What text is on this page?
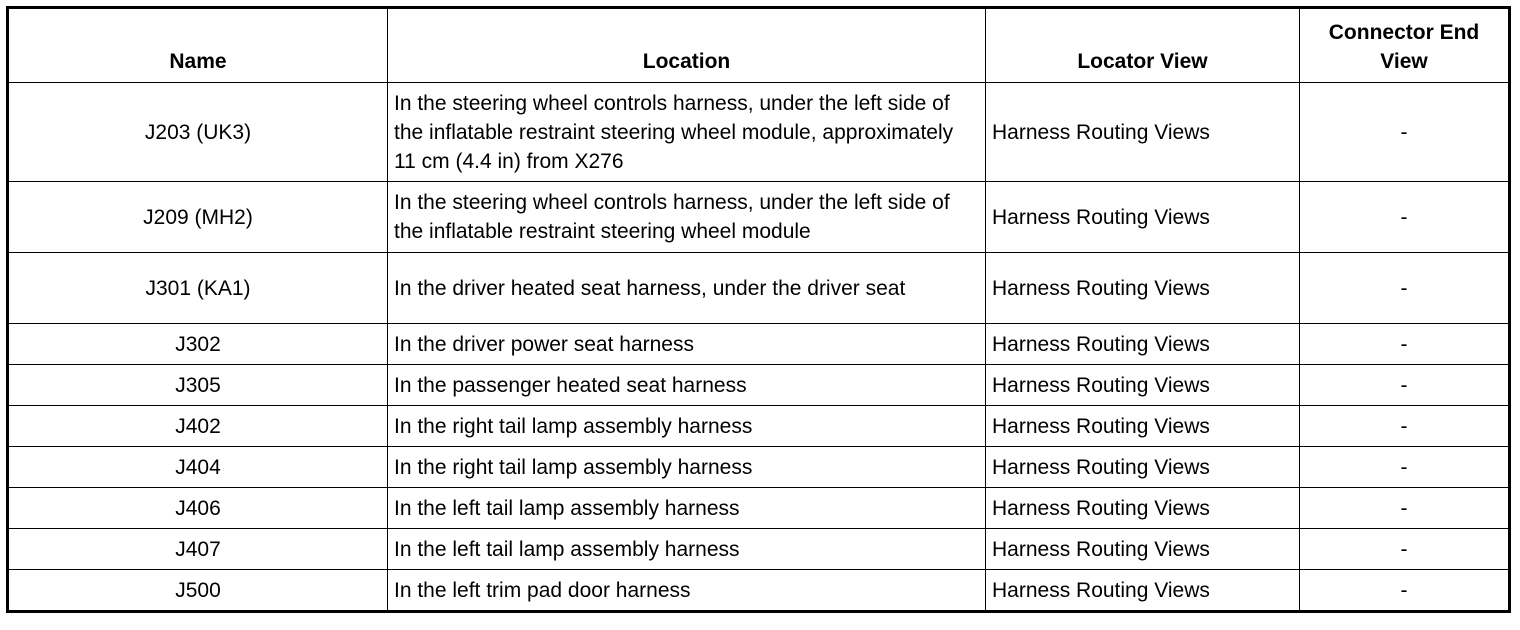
Name	Location	Locator View	Connector End View
J203 (UK3)	In the steering wheel controls harness, under the left side of the inflatable restraint steering wheel module, approximately 11 cm (4.4 in) from X276	Harness Routing Views	-
J209 (MH2)	In the steering wheel controls harness, under the left side of the inflatable restraint steering wheel module	Harness Routing Views	-
J301 (KA1)	In the driver heated seat harness, under the driver seat	Harness Routing Views	-
J302	In the driver power seat harness	Harness Routing Views	-
J305	In the passenger heated seat harness	Harness Routing Views	-
J402	In the right tail lamp assembly harness	Harness Routing Views	-
J404	In the right tail lamp assembly harness	Harness Routing Views	-
J406	In the left tail lamp assembly harness	Harness Routing Views	-
J407	In the left tail lamp assembly harness	Harness Routing Views	-
J500	In the left trim pad door harness	Harness Routing Views	-
